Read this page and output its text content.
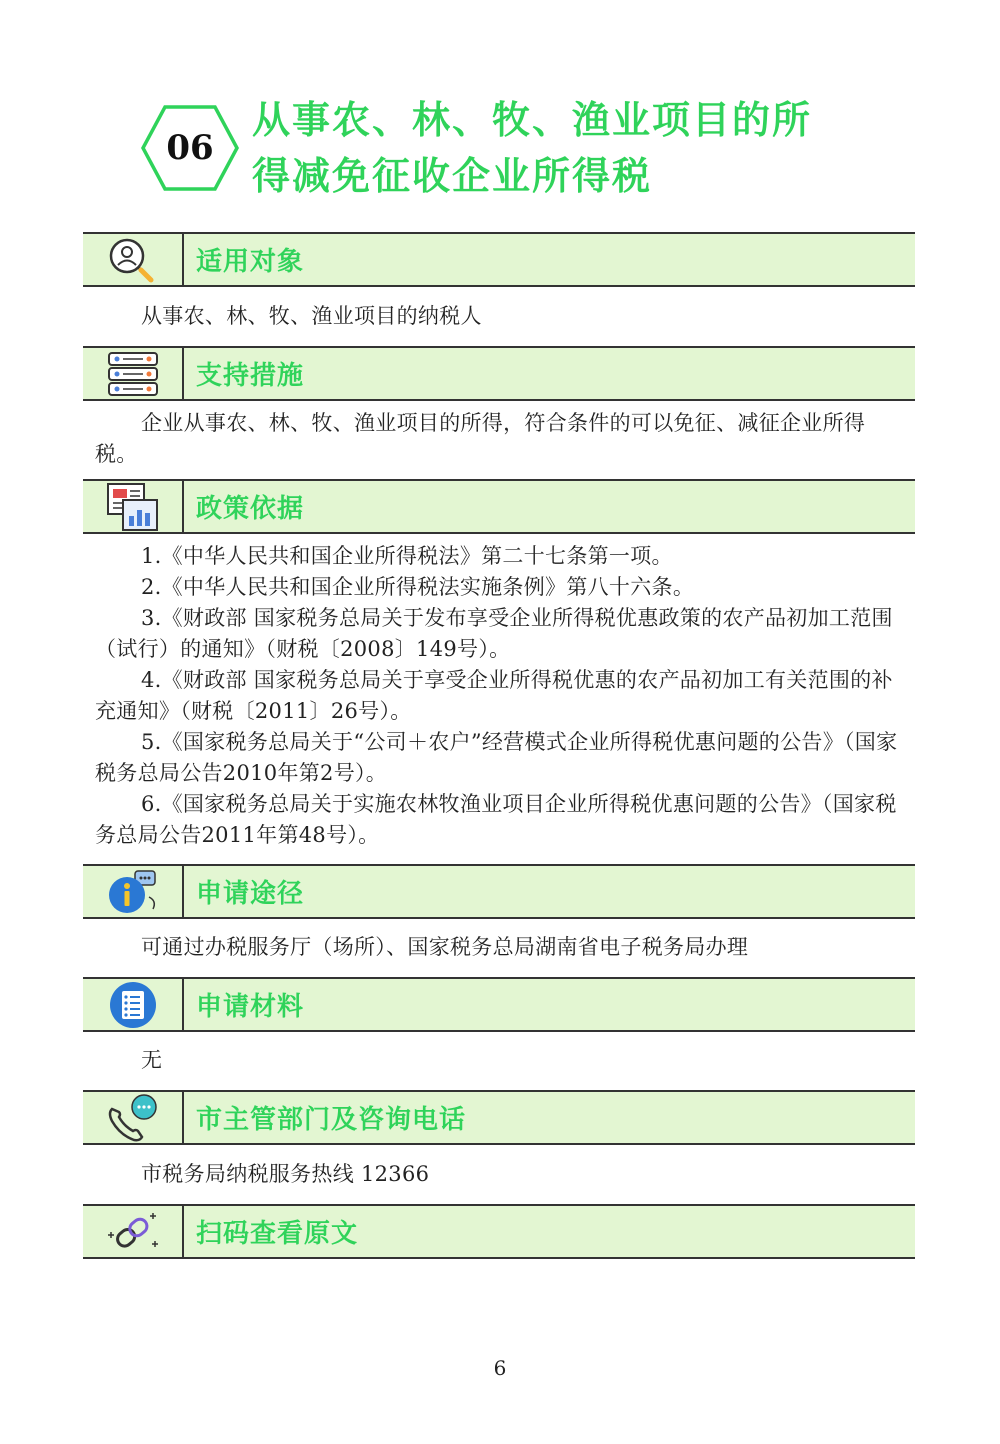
06
从事农、林、牧、渔业项目的所
得减免征收企业所得税
适用对象

从事农、林、牧、渔业项目的纳税人

支持措施

企业从事农、林、牧、渔业项目的所得，符合条件的可以免征、减征企业所得税。

政策依据

1.《中华人民共和国企业所得税法》第二十七条第一项。

2.《中华人民共和国企业所得税法实施条例》第八十六条。

3.《财政部 国家税务总局关于发布享受企业所得税优惠政策的农产品初加工范围（试行）的通知》（财税〔2008〕149号）。

4.《财政部 国家税务总局关于享受企业所得税优惠的农产品初加工有关范围的补充通知》（财税〔2011〕26号）。

5.《国家税务总局关于“公司＋农户”经营模式企业所得税优惠问题的公告》（国家税务总局公告2010年第2号）。

6.《国家税务总局关于实施农林牧渔业项目企业所得税优惠问题的公告》（国家税务总局公告2011年第48号）。

申请途径

可通过办税服务厅（场所）、国家税务总局湖南省电子税务局办理

申请材料

无

市主管部门及咨询电话

市税务局纳税服务热线 12366

扫码查看原文
6
